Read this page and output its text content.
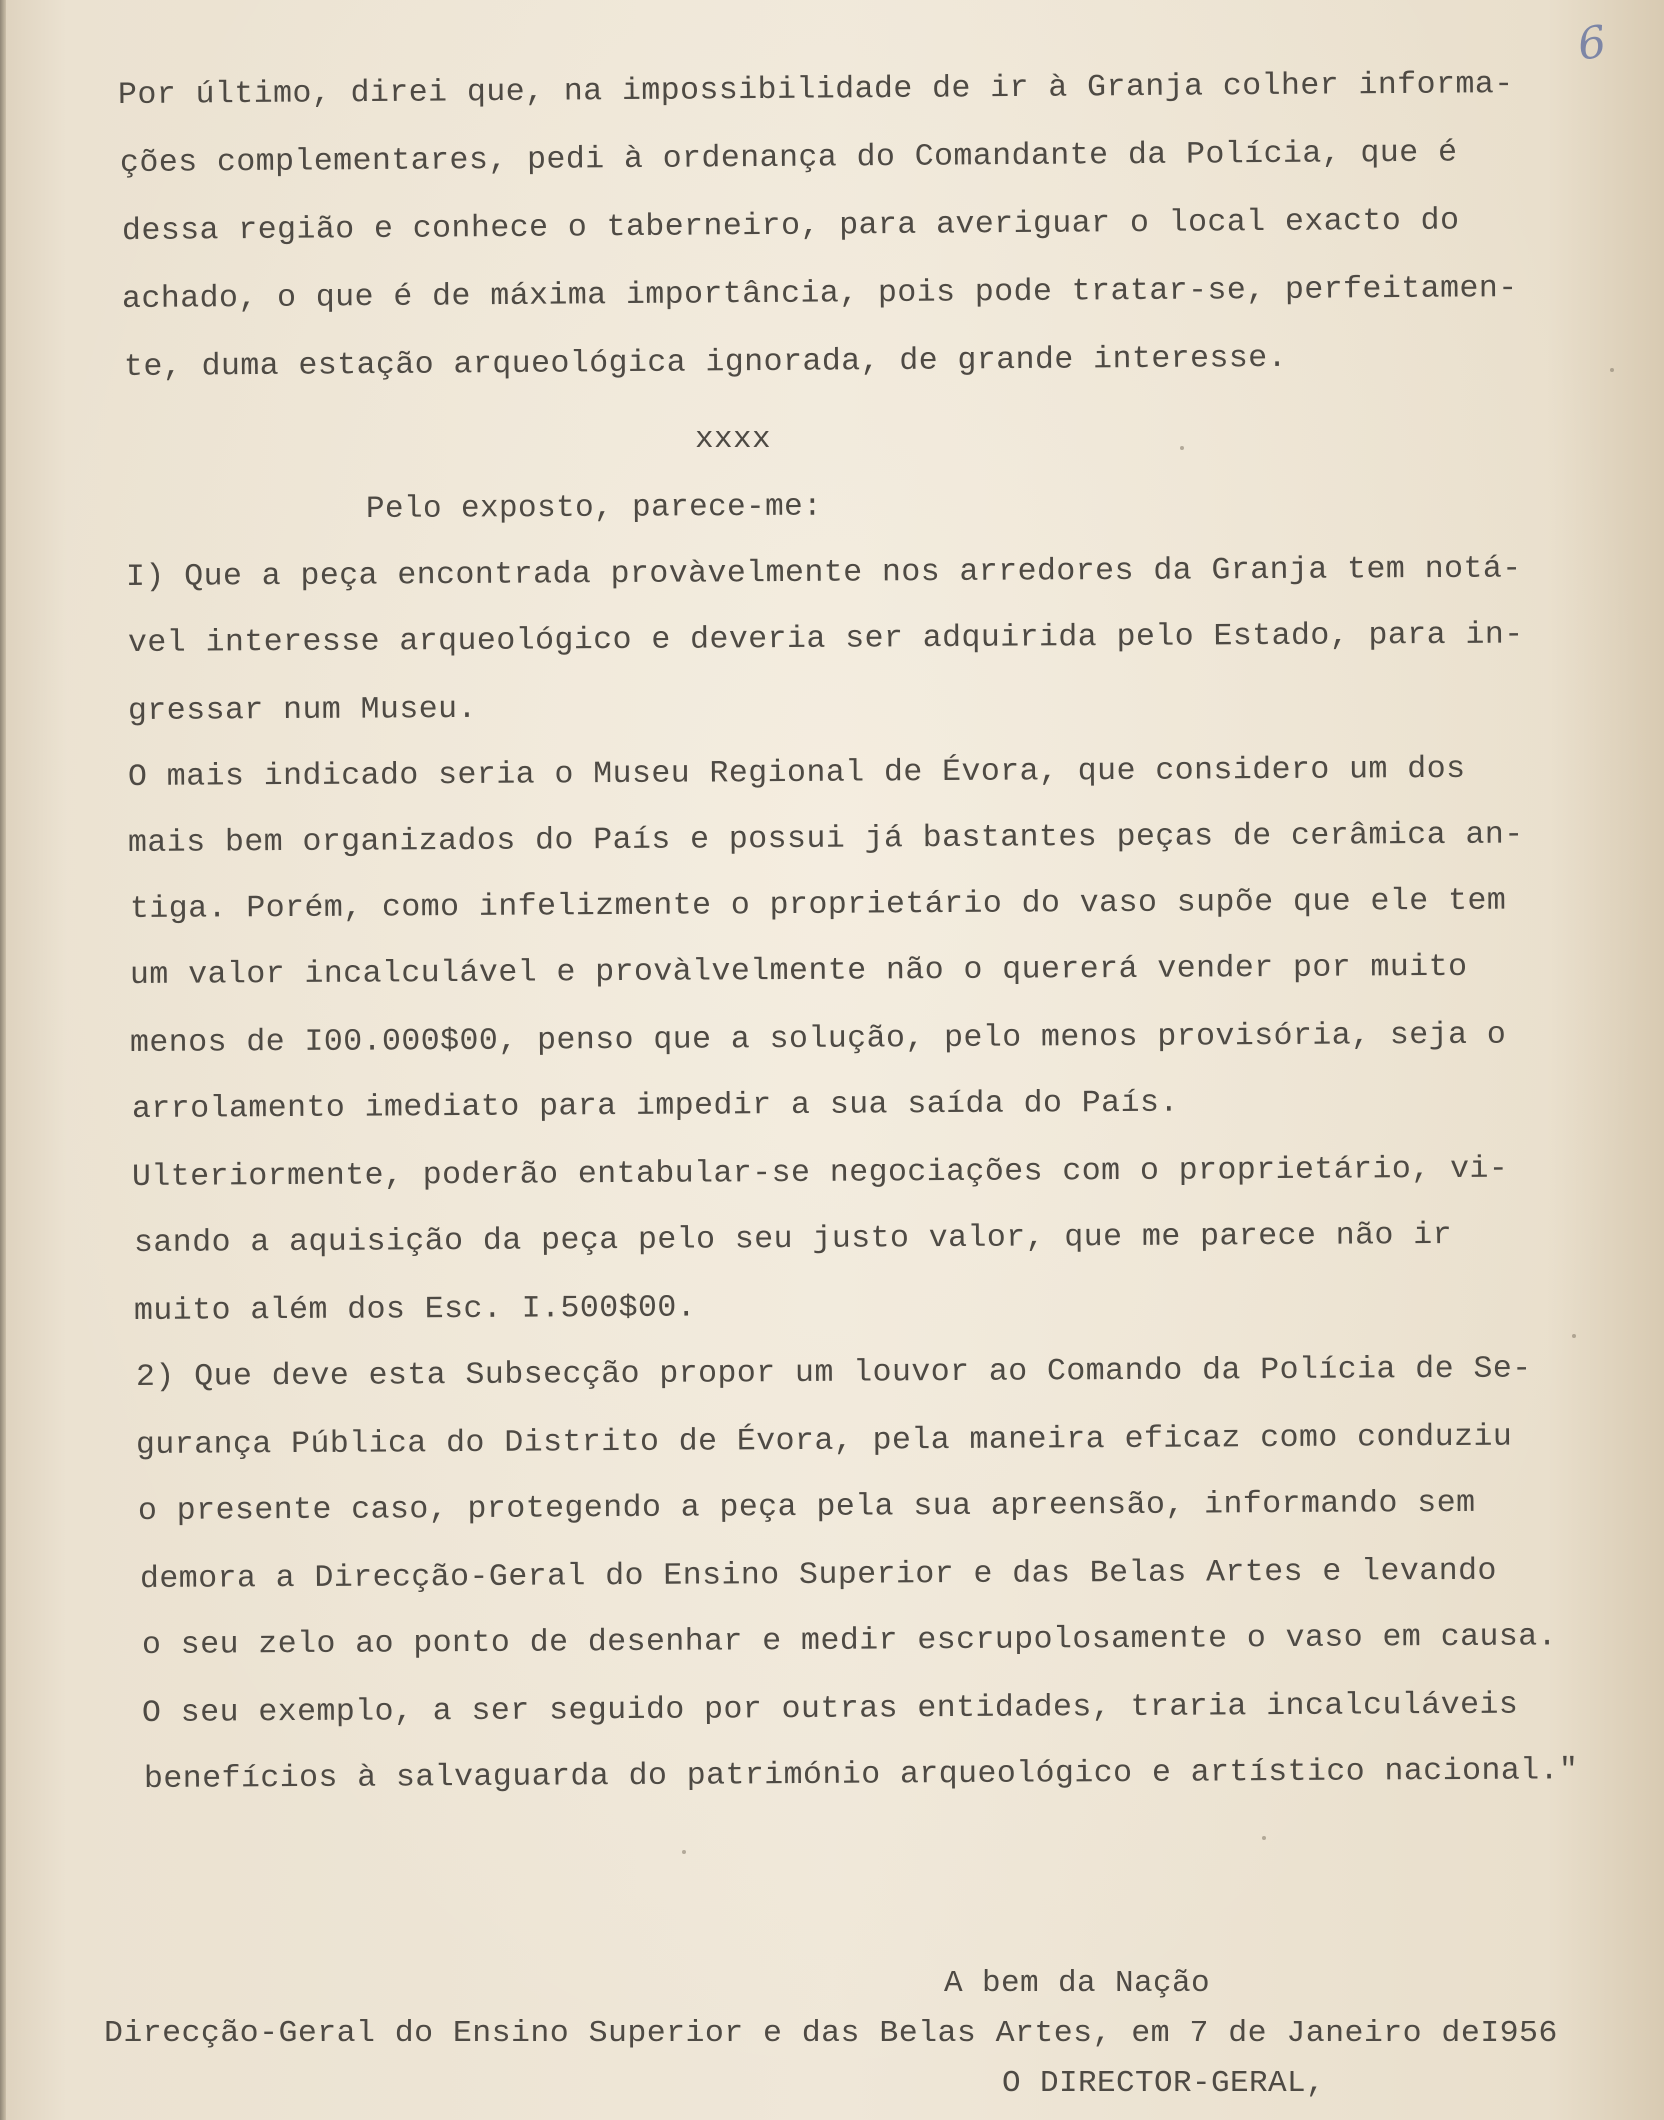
6

Por último, direi que, na impossibilidade de ir à Granja colher informa-

ções complementares, pedi à ordenança do Comandante da Polícia, que é

dessa região e conhece o taberneiro, para averiguar o local exacto do

achado, o que é de máxima importância, pois pode tratar-se, perfeitamen-

te, duma estação arqueológica ignorada, de grande interesse.

xxxx

Pelo exposto, parece-me:

I) Que a peça encontrada provàvelmente nos arredores da Granja tem notá-

vel interesse arqueológico e deveria ser adquirida pelo Estado, para in-

gressar num Museu.

O mais indicado seria o Museu Regional de Évora, que considero um dos

mais bem organizados do País e possui já bastantes peças de cerâmica an-

tiga. Porém, como infelizmente o proprietário do vaso supõe que ele tem

um valor incalculável e provàlvelmente não o quererá vender por muito

menos de I00.000$00, penso que a solução, pelo menos provisória, seja o

arrolamento imediato para impedir a sua saída do País.

Ulteriormente, poderão entabular-se negociações com o proprietário, vi-

sando a aquisição da peça pelo seu justo valor, que me parece não ir

muito além dos Esc. I.500$00.

2) Que deve esta Subsecção propor um louvor ao Comando da Polícia de Se-

gurança Pública do Distrito de Évora, pela maneira eficaz como conduziu

o presente caso, protegendo a peça pela sua apreensão, informando sem

demora a Direcção-Geral do Ensino Superior e das Belas Artes e levando

o seu zelo ao ponto de desenhar e medir escrupolosamente o vaso em causa.

O seu exemplo, a ser seguido por outras entidades, traria incalculáveis

benefícios à salvaguarda do património arqueológico e artístico nacional."

A bem da Nação

Direcção-Geral do Ensino Superior e das Belas Artes, em 7 de Janeiro deI956

O DIRECTOR-GERAL,
